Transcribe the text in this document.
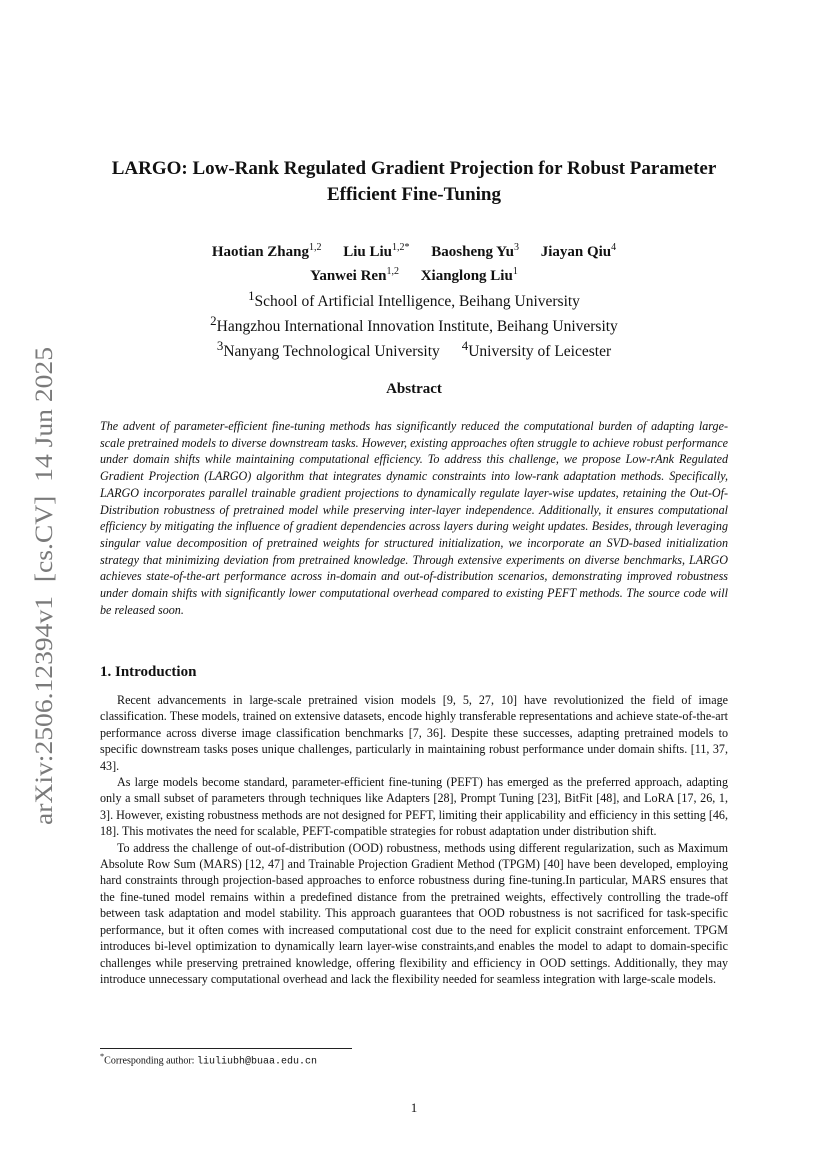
arXiv:2506.12394v1  [cs.CV]  14 Jun 2025
LARGO: Low-Rank Regulated Gradient Projection for Robust Parameter
Efficient Fine-Tuning
Haotian Zhang$^{1,2}$ Liu Liu$^{1,2*}$ Baosheng Yu$^3$ Jiayan Qiu$^4$
Yanwei Ren$^{1,2}$ Xianglong Liu$^1$
$^1$School of Artificial Intelligence, Beihang University
$^2$Hangzhou International Innovation Institute, Beihang University
$^3$Nanyang Technological University $^4$University of Leicester
Abstract
The advent of parameter-efficient fine-tuning methods has significantly reduced the computational burden of adapting large-scale pretrained models to diverse downstream tasks. However, existing approaches often struggle to achieve robust performance under domain shifts while maintaining computational efficiency. To address this challenge, we propose Low-rAnk Regulated Gradient Projection (LARGO) algorithm that integrates dynamic constraints into low-rank adaptation methods. Specifically, LARGO incorporates parallel trainable gradient projections to dynamically regulate layer-wise updates, retaining the Out-Of-Distribution robustness of pretrained model while preserving inter-layer independence. Additionally, it ensures computational efficiency by mitigating the influence of gradient dependencies across layers during weight updates. Besides, through leveraging singular value decomposition of pretrained weights for structured initialization, we incorporate an SVD-based initialization strategy that minimizing deviation from pretrained knowledge. Through extensive experiments on diverse benchmarks, LARGO achieves state-of-the-art performance across in-domain and out-of-distribution scenarios, demonstrating improved robustness under domain shifts with significantly lower computational overhead compared to existing PEFT methods. The source code will be released soon.
1. Introduction

Recent advancements in large-scale pretrained vision models [9, 5, 27, 10] have revolutionized the field of image classification. These models, trained on extensive datasets, encode highly transferable representations and achieve state-of-the-art performance across diverse image classification benchmarks [7, 36]. Despite these successes, adapting pretrained models to specific downstream tasks poses unique challenges, particularly in maintaining robust performance under domain shifts. [11, 37, 43].

As large models become standard, parameter-efficient fine-tuning (PEFT) has emerged as the preferred approach, adapting only a small subset of parameters through techniques like Adapters [28], Prompt Tuning [23], BitFit [48], and LoRA [17, 26, 1, 3]. However, existing robustness methods are not designed for PEFT, limiting their applicability and efficiency in this setting [46, 18]. This motivates the need for scalable, PEFT-compatible strategies for robust adaptation under distribution shift.

To address the challenge of out-of-distribution (OOD) robustness, methods using different regularization, such as Maximum Absolute Row Sum (MARS) [12, 47] and Trainable Projection Gradient Method (TPGM) [40] have been developed, employing hard constraints through projection-based approaches to enforce robustness during fine-tuning.In particular, MARS ensures that the fine-tuned model remains within a predefined distance from the pretrained weights, effectively controlling the trade-off between task adaptation and model stability. This approach guarantees that OOD robustness is not sacrificed for task-specific performance, but it often comes with increased computational cost due to the need for explicit constraint enforcement. TPGM introduces bi-level optimization to dynamically learn layer-wise constraints,and enables the model to adapt to domain-specific challenges while preserving pretrained knowledge, offering flexibility and efficiency in OOD settings. Additionally, they may introduce unnecessary computational overhead and lack the flexibility needed for seamless integration with large-scale models.

*Corresponding author: liuliubh@buaa.edu.cn
1
